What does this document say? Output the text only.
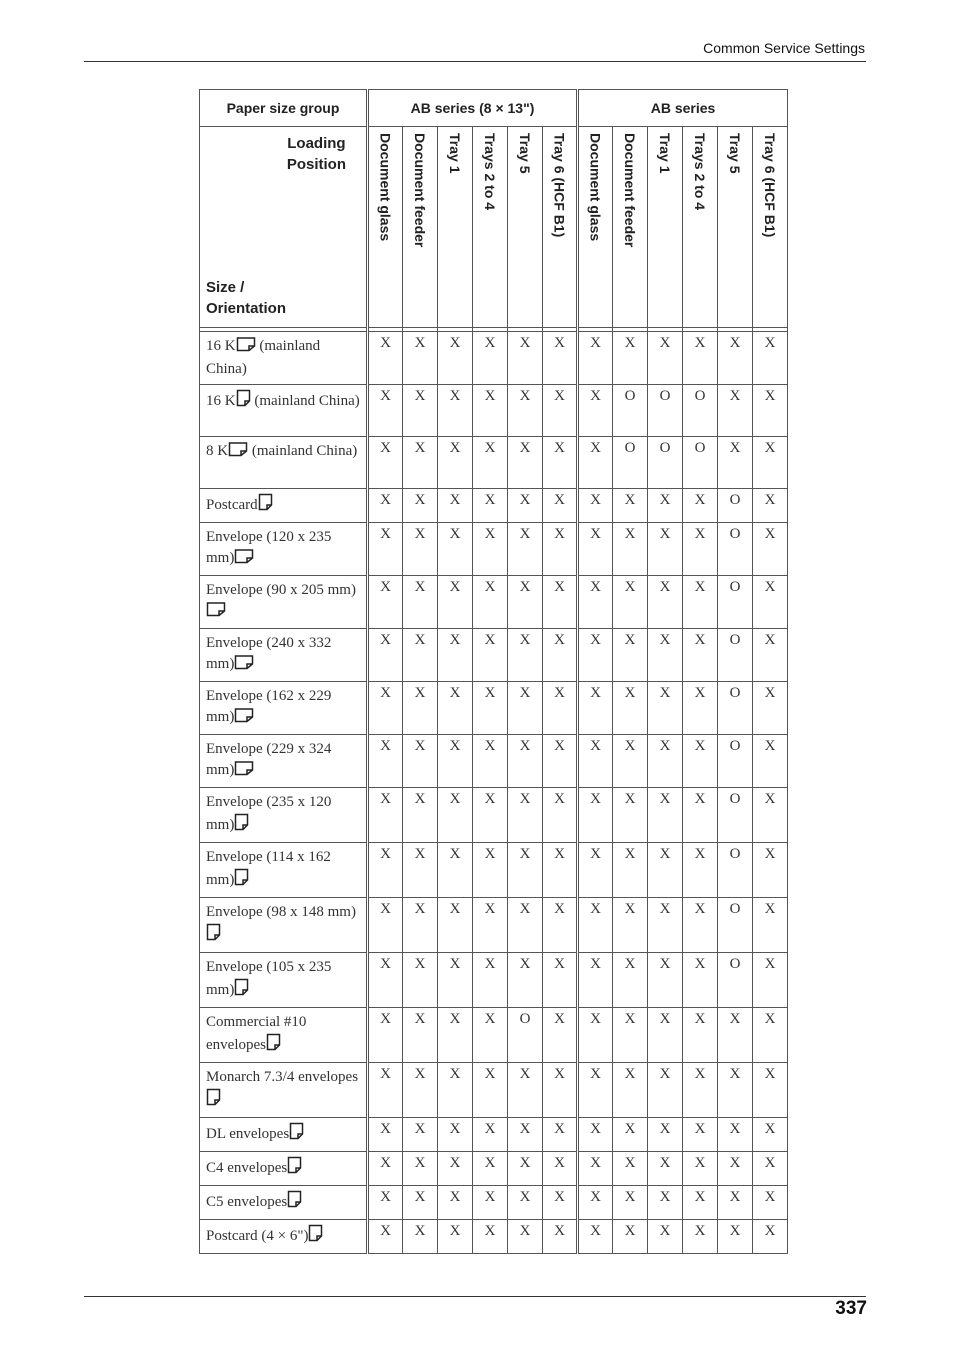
Common Service Settings
Paper size group	AB series (8 × 13")						AB series					

Loading
Position
Size /
Orientation	Document glass	Document feeder	Tray 1	Trays 2 to 4	Tray 5	Tray 6 (HCF B1)	Document glass	Document feeder	Tray 1	Trays 2 to 4	Tray 5	Tray 6 (HCF B1)

16 K (mainland China)	X	X	X	X	X	X	X	X	X	X	X	X
16 K (mainland China)	X	X	X	X	X	X	X	O	O	O	X	X
8 K (mainland China)	X	X	X	X	X	X	X	O	O	O	X	X
Postcard	X	X	X	X	X	X	X	X	X	X	O	X
Envelope (120 x 235 mm)	X	X	X	X	X	X	X	X	X	X	O	X
Envelope (90 x 205 mm)	X	X	X	X	X	X	X	X	X	X	O	X
Envelope (240 x 332 mm)	X	X	X	X	X	X	X	X	X	X	O	X
Envelope (162 x 229 mm)	X	X	X	X	X	X	X	X	X	X	O	X
Envelope (229 x 324 mm)	X	X	X	X	X	X	X	X	X	X	O	X
Envelope (235 x 120 mm)	X	X	X	X	X	X	X	X	X	X	O	X
Envelope (114 x 162 mm)	X	X	X	X	X	X	X	X	X	X	O	X
Envelope (98 x 148 mm)	X	X	X	X	X	X	X	X	X	X	O	X
Envelope (105 x 235 mm)	X	X	X	X	X	X	X	X	X	X	O	X
Commercial #10 envelopes	X	X	X	X	O	X	X	X	X	X	X	X
Monarch 7.3/4 envelopes	X	X	X	X	X	X	X	X	X	X	X	X
DL envelopes	X	X	X	X	X	X	X	X	X	X	X	X
C4 envelopes	X	X	X	X	X	X	X	X	X	X	X	X
C5 envelopes	X	X	X	X	X	X	X	X	X	X	X	X
Postcard (4 × 6")	X	X	X	X	X	X	X	X	X	X	X	X
337
